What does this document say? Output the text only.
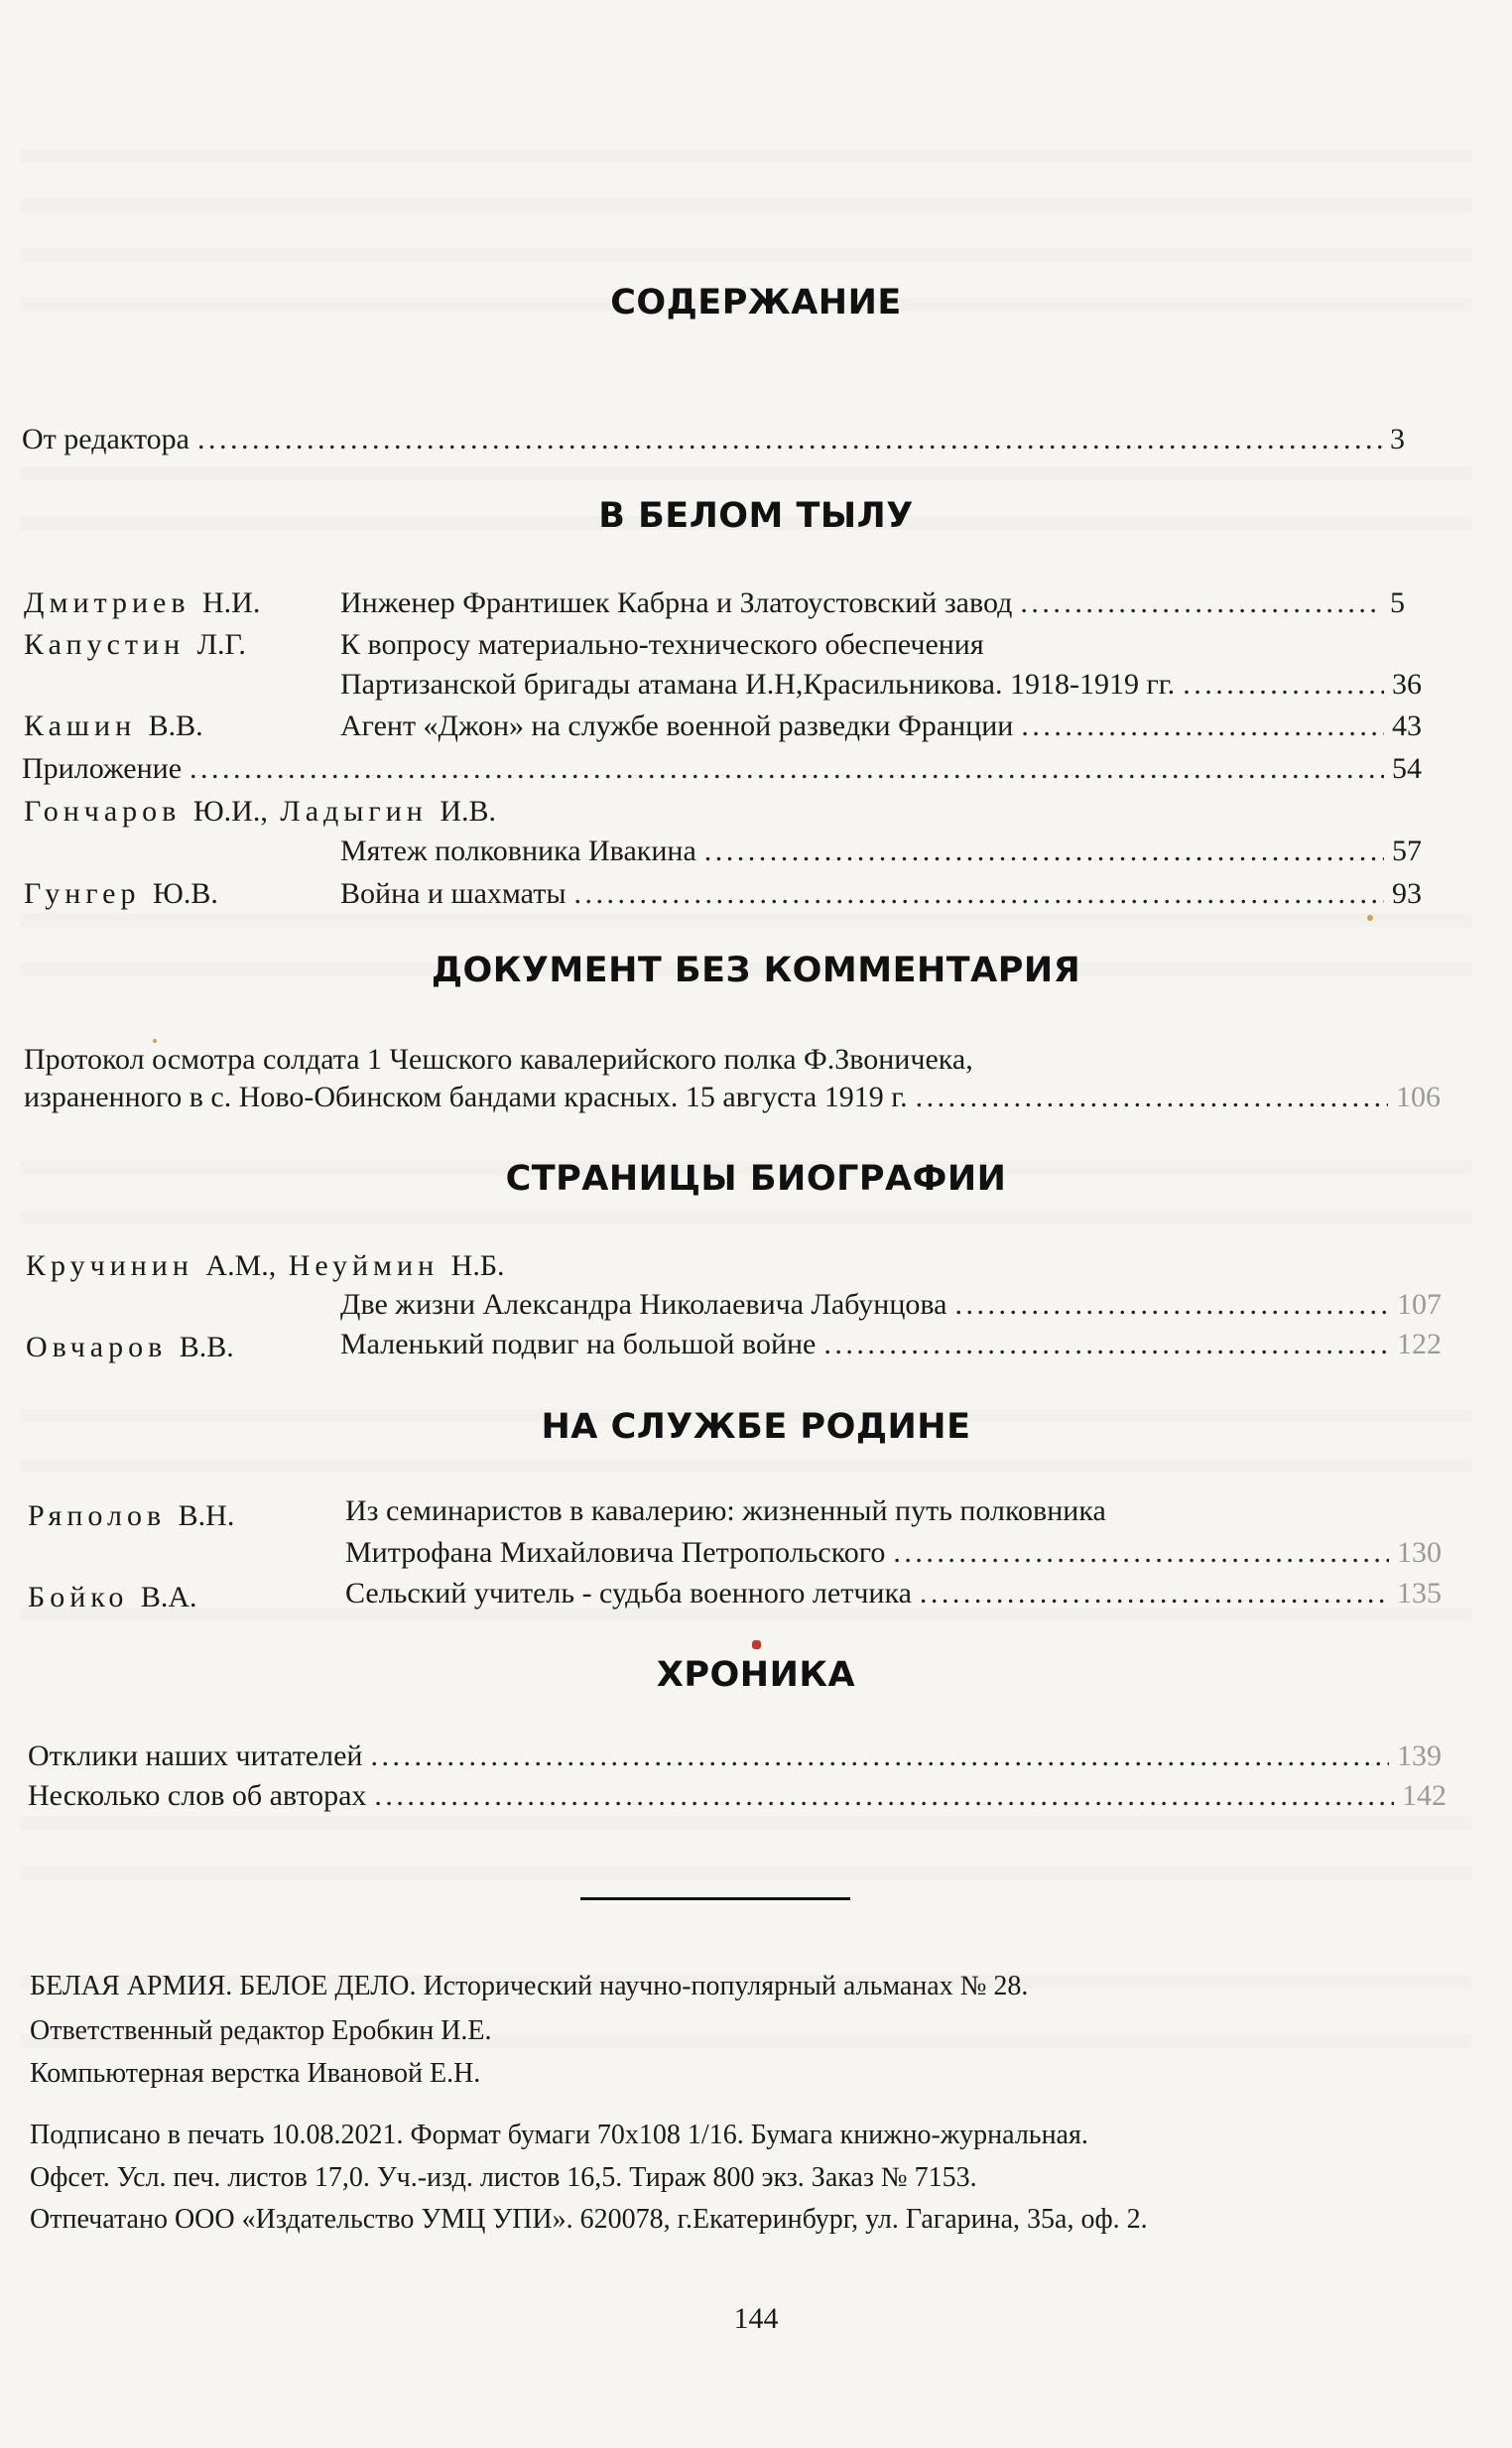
СОДЕРЖАНИЕ
От редактора . . .	3
В БЕЛОМ ТЫЛУ
Дмитриев Н.И.	Инженер Франтишек Кабрна и Златоустовский завод . . .	5
Капустин Л.Г.	К вопросу материально-технического обеспечения
Партизанской бригады атамана И.Н,Красильникова. 1918-1919 гг. . . .	36
Кашин В.В.	Агент «Джон» на службе военной разведки Франции . . .	43
Приложение . . .	54
Гончаров Ю.И., Ладыгин И.В.
Мятеж полковника Ивакина . . .	57
Гунгер Ю.В.	Война и шахматы . . .	93
ДОКУМЕНТ БЕЗ КОММЕНТАРИЯ
Протокол осмотра солдата 1 Чешского кавалерийского полка Ф.Звоничека,
израненного в с. Ново-Обинском бандами красных. 15 августа 1919 г. . . .	106
СТРАНИЦЫ БИОГРАФИИ
Кручинин А.М., Неуймин Н.Б.
Две жизни Александра Николаевича Лабунцова . . .	107
Овчаров В.В.	Маленький подвиг на большой войне . . .	122
НА СЛУЖБЕ РОДИНЕ
Ряполов В.Н.	Из семинаристов в кавалерию: жизненный путь полковника
Митрофана Михайловича Петропольского . . .	130
Бойко В.А.	Сельский учитель - судьба военного летчика . . .	135
ХРОНИКА
Отклики наших читателей . . .	139
Несколько слов об авторах . . .	142
БЕЛАЯ АРМИЯ. БЕЛОЕ ДЕЛО. Исторический научно-популярный альманах № 28.
Ответственный редактор Еробкин И.Е.
Компьютерная верстка Ивановой Е.Н.
Подписано в печать 10.08.2021. Формат бумаги 70х108 1/16. Бумага книжно-журнальная.
Офсет. Усл. печ. листов 17,0. Уч.-изд. листов 16,5. Тираж 800 экз. Заказ № 7153.
Отпечатано ООО «Издательство УМЦ УПИ». 620078, г.Екатеринбург, ул. Гагарина, 35а, оф. 2.
144
